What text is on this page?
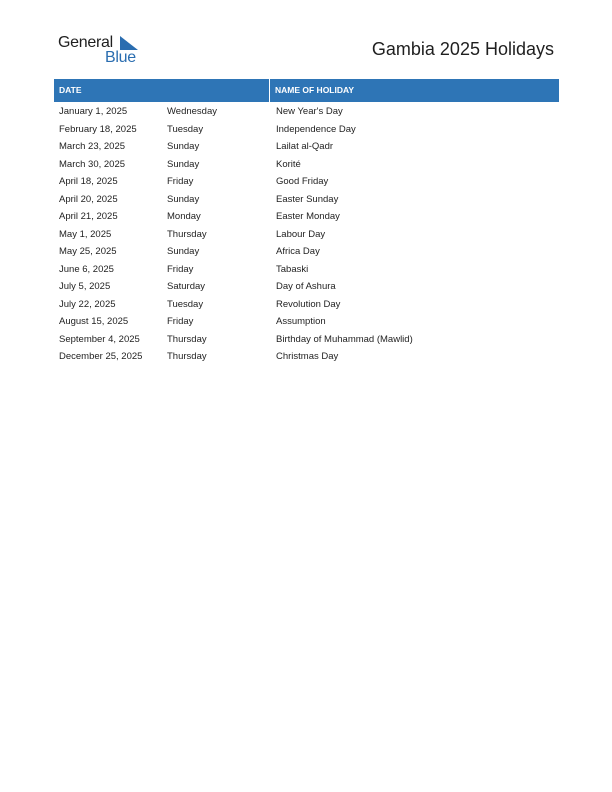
General
Blue	Gambia 2025 Holidays
DATE	NAME OF HOLIDAY
January 1, 2025	Wednesday	New Year's Day
February 18, 2025	Tuesday	Independence Day
March 23, 2025	Sunday	Lailat al-Qadr
March 30, 2025	Sunday	Korité
April 18, 2025	Friday	Good Friday
April 20, 2025	Sunday	Easter Sunday
April 21, 2025	Monday	Easter Monday
May 1, 2025	Thursday	Labour Day
May 25, 2025	Sunday	Africa Day
June 6, 2025	Friday	Tabaski
July 5, 2025	Saturday	Day of Ashura
July 22, 2025	Tuesday	Revolution Day
August 15, 2025	Friday	Assumption
September 4, 2025	Thursday	Birthday of Muhammad (Mawlid)
December 25, 2025	Thursday	Christmas Day
